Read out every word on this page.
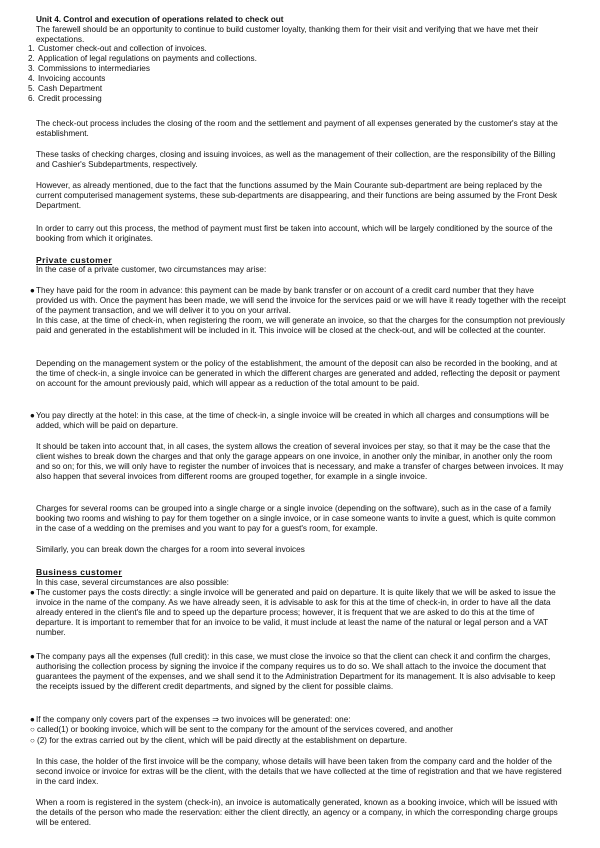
Unit 4. Control and execution of operations related to check out

The farewell should be an opportunity to continue to build customer loyalty, thanking them for their visit and verifying that we have met their expectations.

1. Customer check-out and collection of invoices.
2. Application of legal regulations on payments and collections.
3. Commissions to intermediaries
4. Invoicing accounts
5. Cash Department
6. Credit processing

The check-out process includes the closing of the room and the settlement and payment of all expenses generated by the customer's stay at the establishment.

These tasks of checking charges, closing and issuing invoices, as well as the management of their collection, are the responsibility of the Billing and Cashier's Subdepartments, respectively.

However, as already mentioned, due to the fact that the functions assumed by the Main Courante sub-department are being replaced by the current computerised management systems, these sub-departments are disappearing, and their functions are being assumed by the Front Desk Department.

In order to carry out this process, the method of payment must first be taken into account, which will be largely conditioned by the source of the booking from which it originates.

Private customer

In the case of a private customer, two circumstances may arise:

● They have paid for the room in advance: this payment can be made by bank transfer or on account of a credit card number that they have provided us with. Once the payment has been made, we will send the invoice for the services paid or we will have it ready together with the receipt of the payment transaction, and we will deliver it to you on your arrival.
In this case, at the time of check-in, when registering the room, we will generate an invoice, so that the charges for the consumption not previously paid and generated in the establishment will be included in it. This invoice will be closed at the check-out, and will be collected at the counter.

Depending on the management system or the policy of the establishment, the amount of the deposit can also be recorded in the booking, and at the time of check-in, a single invoice can be generated in which the different charges are generated and added, reflecting the deposit or payment on account for the amount previously paid, which will appear as a reduction of the total amount to be paid.

● You pay directly at the hotel: in this case, at the time of check-in, a single invoice will be created in which all charges and consumptions will be added, which will be paid on departure.

It should be taken into account that, in all cases, the system allows the creation of several invoices per stay, so that it may be the case that the client wishes to break down the charges and that only the garage appears on one invoice, in another only the minibar, in another only the room and so on; for this, we will only have to register the number of invoices that is necessary, and make a transfer of charges between invoices. It may also happen that several invoices from different rooms are grouped together, for example in a single invoice.

Charges for several rooms can be grouped into a single charge or a single invoice (depending on the software), such as in the case of a family booking two rooms and wishing to pay for them together on a single invoice, or in case someone wants to invite a guest, which is quite common in the case of a wedding on the premises and you want to pay for a guest's room, for example.

Similarly, you can break down the charges for a room into several invoices

Business customer

In this case, several circumstances are also possible:

● The customer pays the costs directly: a single invoice will be generated and paid on departure. It is quite likely that we will be asked to issue the invoice in the name of the company. As we have already seen, it is advisable to ask for this at the time of check-in, in order to have all the data already entered in the client's file and to speed up the departure process; however, it is frequent that we are asked to do this at the time of departure. It is important to remember that for an invoice to be valid, it must include at least the name of the natural or legal person and a VAT number.
● The company pays all the expenses (full credit): in this case, we must close the invoice so that the client can check it and confirm the charges, authorising the collection process by signing the invoice if the company requires us to do so. We shall attach to the invoice the document that guarantees the payment of the expenses, and we shall send it to the Administration Department for its management. It is also advisable to keep the receipts issued by the different credit departments, and signed by the client for possible claims.
● If the company only covers part of the expenses ⇒ two invoices will be generated: one:
○ called(1) or booking invoice, which will be sent to the company for the amount of the services covered, and another
○ (2) for the extras carried out by the client, which will be paid directly at the establishment on departure.

In this case, the holder of the first invoice will be the company, whose details will have been taken from the company card and the holder of the second invoice or invoice for extras will be the client, with the details that we have collected at the time of registration and that we have registered in the card index.

When a room is registered in the system (check-in), an invoice is automatically generated, known as a booking invoice, which will be issued with the details of the person who made the reservation: either the client directly, an agency or a company, in which the corresponding charge groups will be entered.
